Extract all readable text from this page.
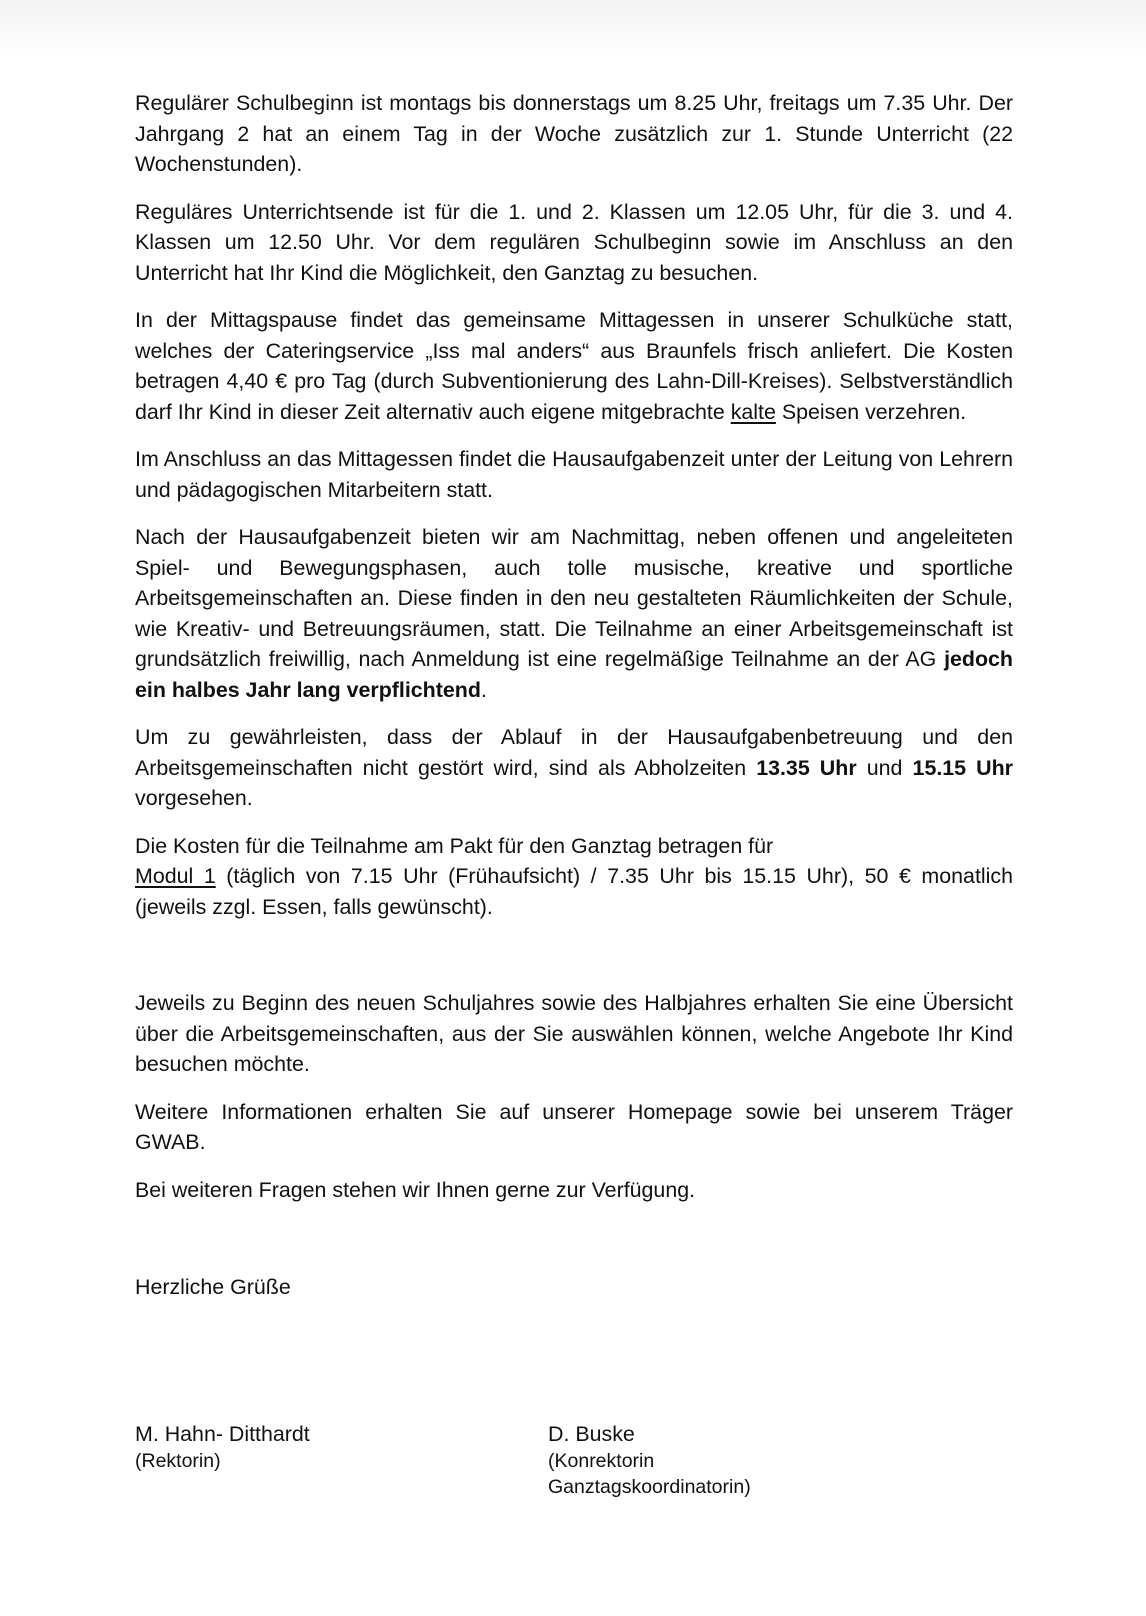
Regulärer Schulbeginn ist montags bis donnerstags um 8.25 Uhr, freitags um 7.35 Uhr. Der Jahrgang 2 hat an einem Tag in der Woche zusätzlich zur 1. Stunde Unterricht (22 Wochenstunden).

Reguläres Unterrichtsende ist für die 1. und 2. Klassen um 12.05 Uhr, für die 3. und 4. Klassen um 12.50 Uhr. Vor dem regulären Schulbeginn sowie im Anschluss an den Unterricht hat Ihr Kind die Möglichkeit, den Ganztag zu besuchen.

In der Mittagspause findet das gemeinsame Mittagessen in unserer Schulküche statt, welches der Cateringservice „Iss mal anders“ aus Braunfels frisch anliefert. Die Kosten betragen 4,40 € pro Tag (durch Subventionierung des Lahn-Dill-Kreises). Selbstverständlich darf Ihr Kind in dieser Zeit alternativ auch eigene mitgebrachte kalte Speisen verzehren.

Im Anschluss an das Mittagessen findet die Hausaufgabenzeit unter der Leitung von Lehrern und pädagogischen Mitarbeitern statt.

Nach der Hausaufgabenzeit bieten wir am Nachmittag, neben offenen und angeleiteten Spiel- und Bewegungsphasen, auch tolle musische, kreative und sportliche Arbeitsgemeinschaften an. Diese finden in den neu gestalteten Räumlichkeiten der Schule, wie Kreativ- und Betreuungsräumen, statt. Die Teilnahme an einer Arbeitsgemeinschaft ist grundsätzlich freiwillig, nach Anmeldung ist eine regelmäßige Teilnahme an der AG jedoch ein halbes Jahr lang verpflichtend.

Um zu gewährleisten, dass der Ablauf in der Hausaufgabenbetreuung und den Arbeitsgemeinschaften nicht gestört wird, sind als Abholzeiten 13.35 Uhr und 15.15 Uhr vorgesehen.

Die Kosten für die Teilnahme am Pakt für den Ganztag betragen für

Modul 1 (täglich von 7.15 Uhr (Frühaufsicht) / 7.35 Uhr bis 15.15 Uhr), 50 € monatlich (jeweils zzgl. Essen, falls gewünscht).

Jeweils zu Beginn des neuen Schuljahres sowie des Halbjahres erhalten Sie eine Übersicht über die Arbeitsgemeinschaften, aus der Sie auswählen können, welche Angebote Ihr Kind besuchen möchte.

Weitere Informationen erhalten Sie auf unserer Homepage sowie bei unserem Träger GWAB.

Bei weiteren Fragen stehen wir Ihnen gerne zur Verfügung.

Herzliche Grüße

M. Hahn- Ditthardt
(Rektorin)
D. Buske
(Konrektorin
Ganztagskoordinatorin)
